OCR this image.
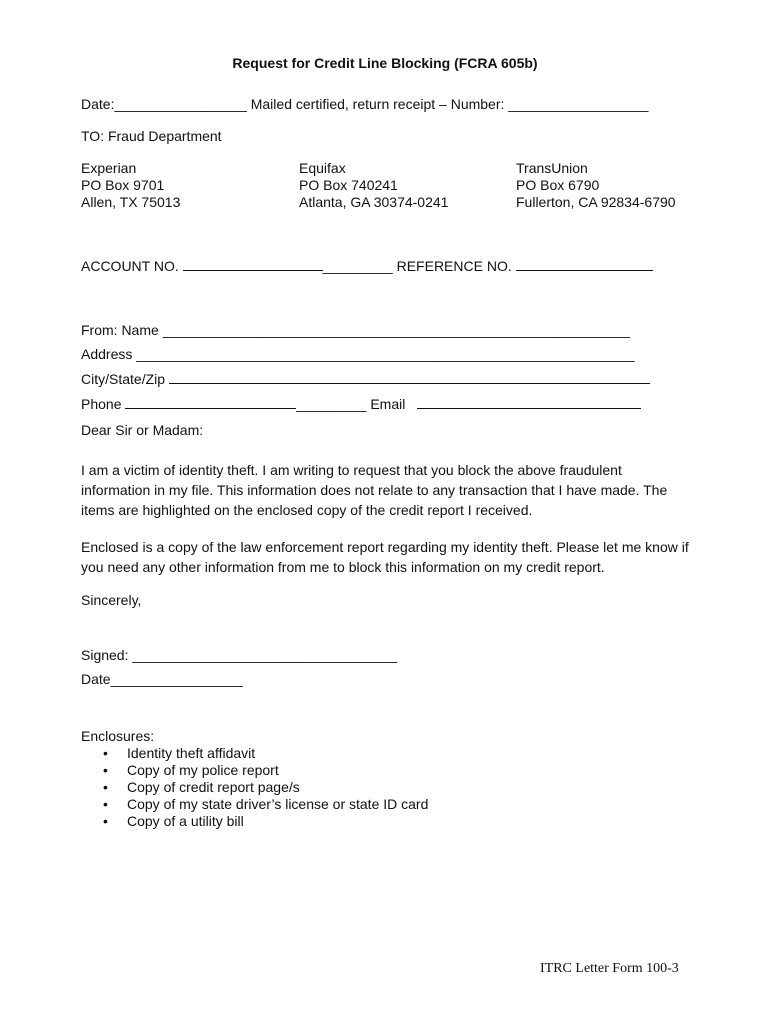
Request for Credit Line Blocking (FCRA 605b)
Date:_________________ Mailed certified, return receipt – Number: __________________
TO: Fraud Department
Experian
PO Box 9701
Allen, TX 75013
Equifax
PO Box 740241
Atlanta, GA 30374-0241
TransUnion
PO Box 6790
Fullerton, CA 92834-6790
ACCOUNT NO.	_________ REFERENCE NO.
From: Name ____________________________________________________________
Address ________________________________________________________________
City/State/Zip
Phone	_________ Email
Dear Sir or Madam:
I am a victim of identity theft. I am writing to request that you block the above fraudulent information in my file. This information does not relate to any transaction that I have made. The items are highlighted on the enclosed copy of the credit report I received.
Enclosed is a copy of the law enforcement report regarding my identity theft. Please let me know if you need any other information from me to block this information on my credit report.
Sincerely,
Signed: __________________________________
Date_________________
Enclosures:
• Identity theft affidavit
• Copy of my police report
• Copy of credit report page/s
• Copy of my state driver’s license or state ID card
• Copy of a utility bill
ITRC Letter Form 100-3
